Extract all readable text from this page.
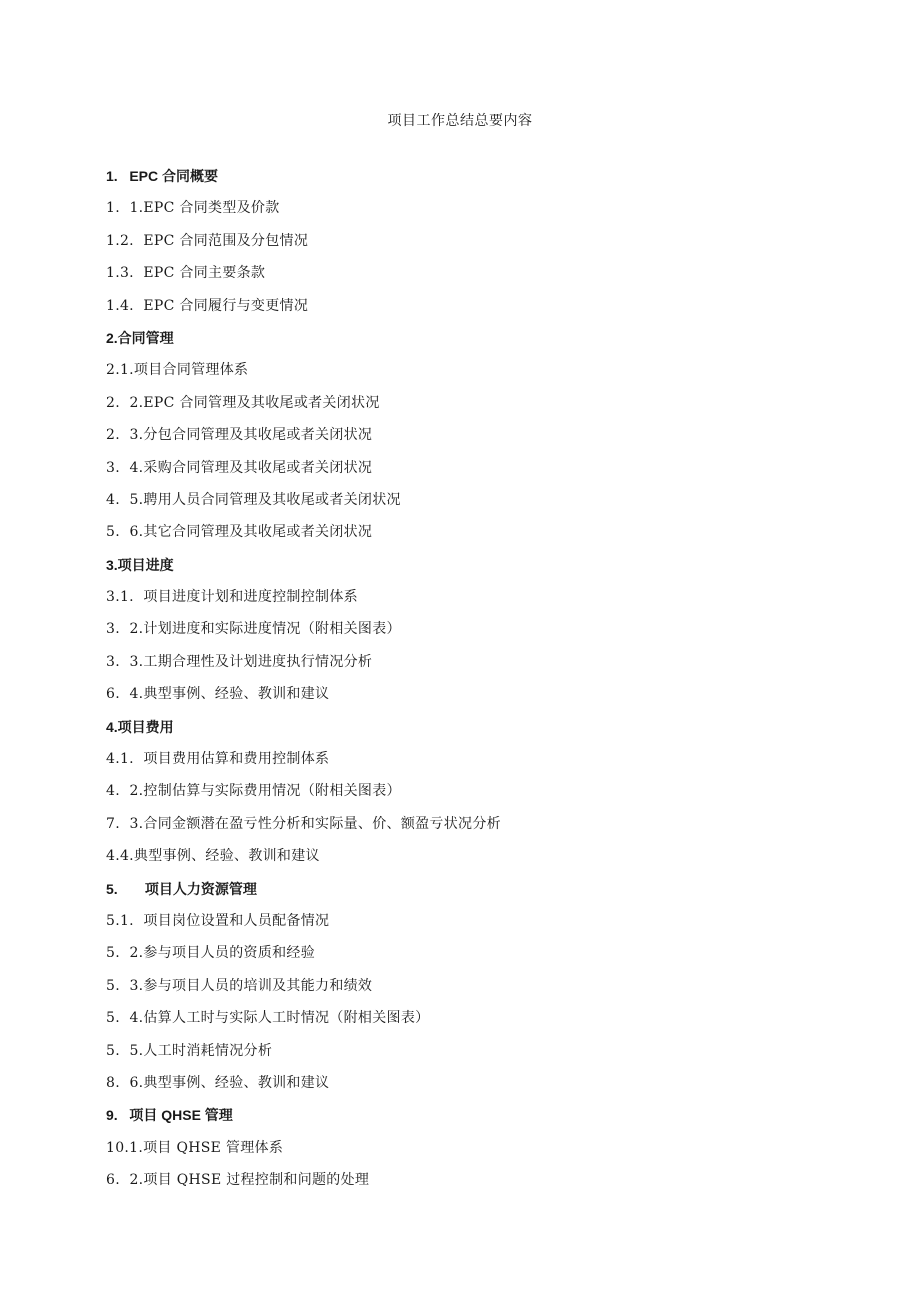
项目工作总结总要内容
1.   EPC 合同概要
1.  1.EPC 合同类型及价款
1.2.  EPC 合同范围及分包情况
1.3.  EPC 合同主要条款
1.4.  EPC 合同履行与变更情况
2.合同管理
2.1.项目合同管理体系
2.  2.EPC 合同管理及其收尾或者关闭状况
2.  3.分包合同管理及其收尾或者关闭状况
3.  4.采购合同管理及其收尾或者关闭状况
4.  5.聘用人员合同管理及其收尾或者关闭状况
5.  6.其它合同管理及其收尾或者关闭状况
3.项目进度
3.1.  项目进度计划和进度控制控制体系
3.  2.计划进度和实际进度情况（附相关图表）
3.  3.工期合理性及计划进度执行情况分析
6.  4.典型事例、经验、教训和建议
4.项目费用
4.1.  项目费用估算和费用控制体系
4.  2.控制估算与实际费用情况（附相关图表）
7.  3.合同金额潜在盈亏性分析和实际量、价、额盈亏状况分析
4.4.典型事例、经验、教训和建议
5.       项目人力资源管理
5.1.  项目岗位设置和人员配备情况
5.  2.参与项目人员的资质和经验
5.  3.参与项目人员的培训及其能力和绩效
5.  4.估算人工时与实际人工时情况（附相关图表）
5.  5.人工时消耗情况分析
8.  6.典型事例、经验、教训和建议
9.   项目 QHSE 管理
10.1.项目 QHSE 管理体系
6.  2.项目 QHSE 过程控制和问题的处理
